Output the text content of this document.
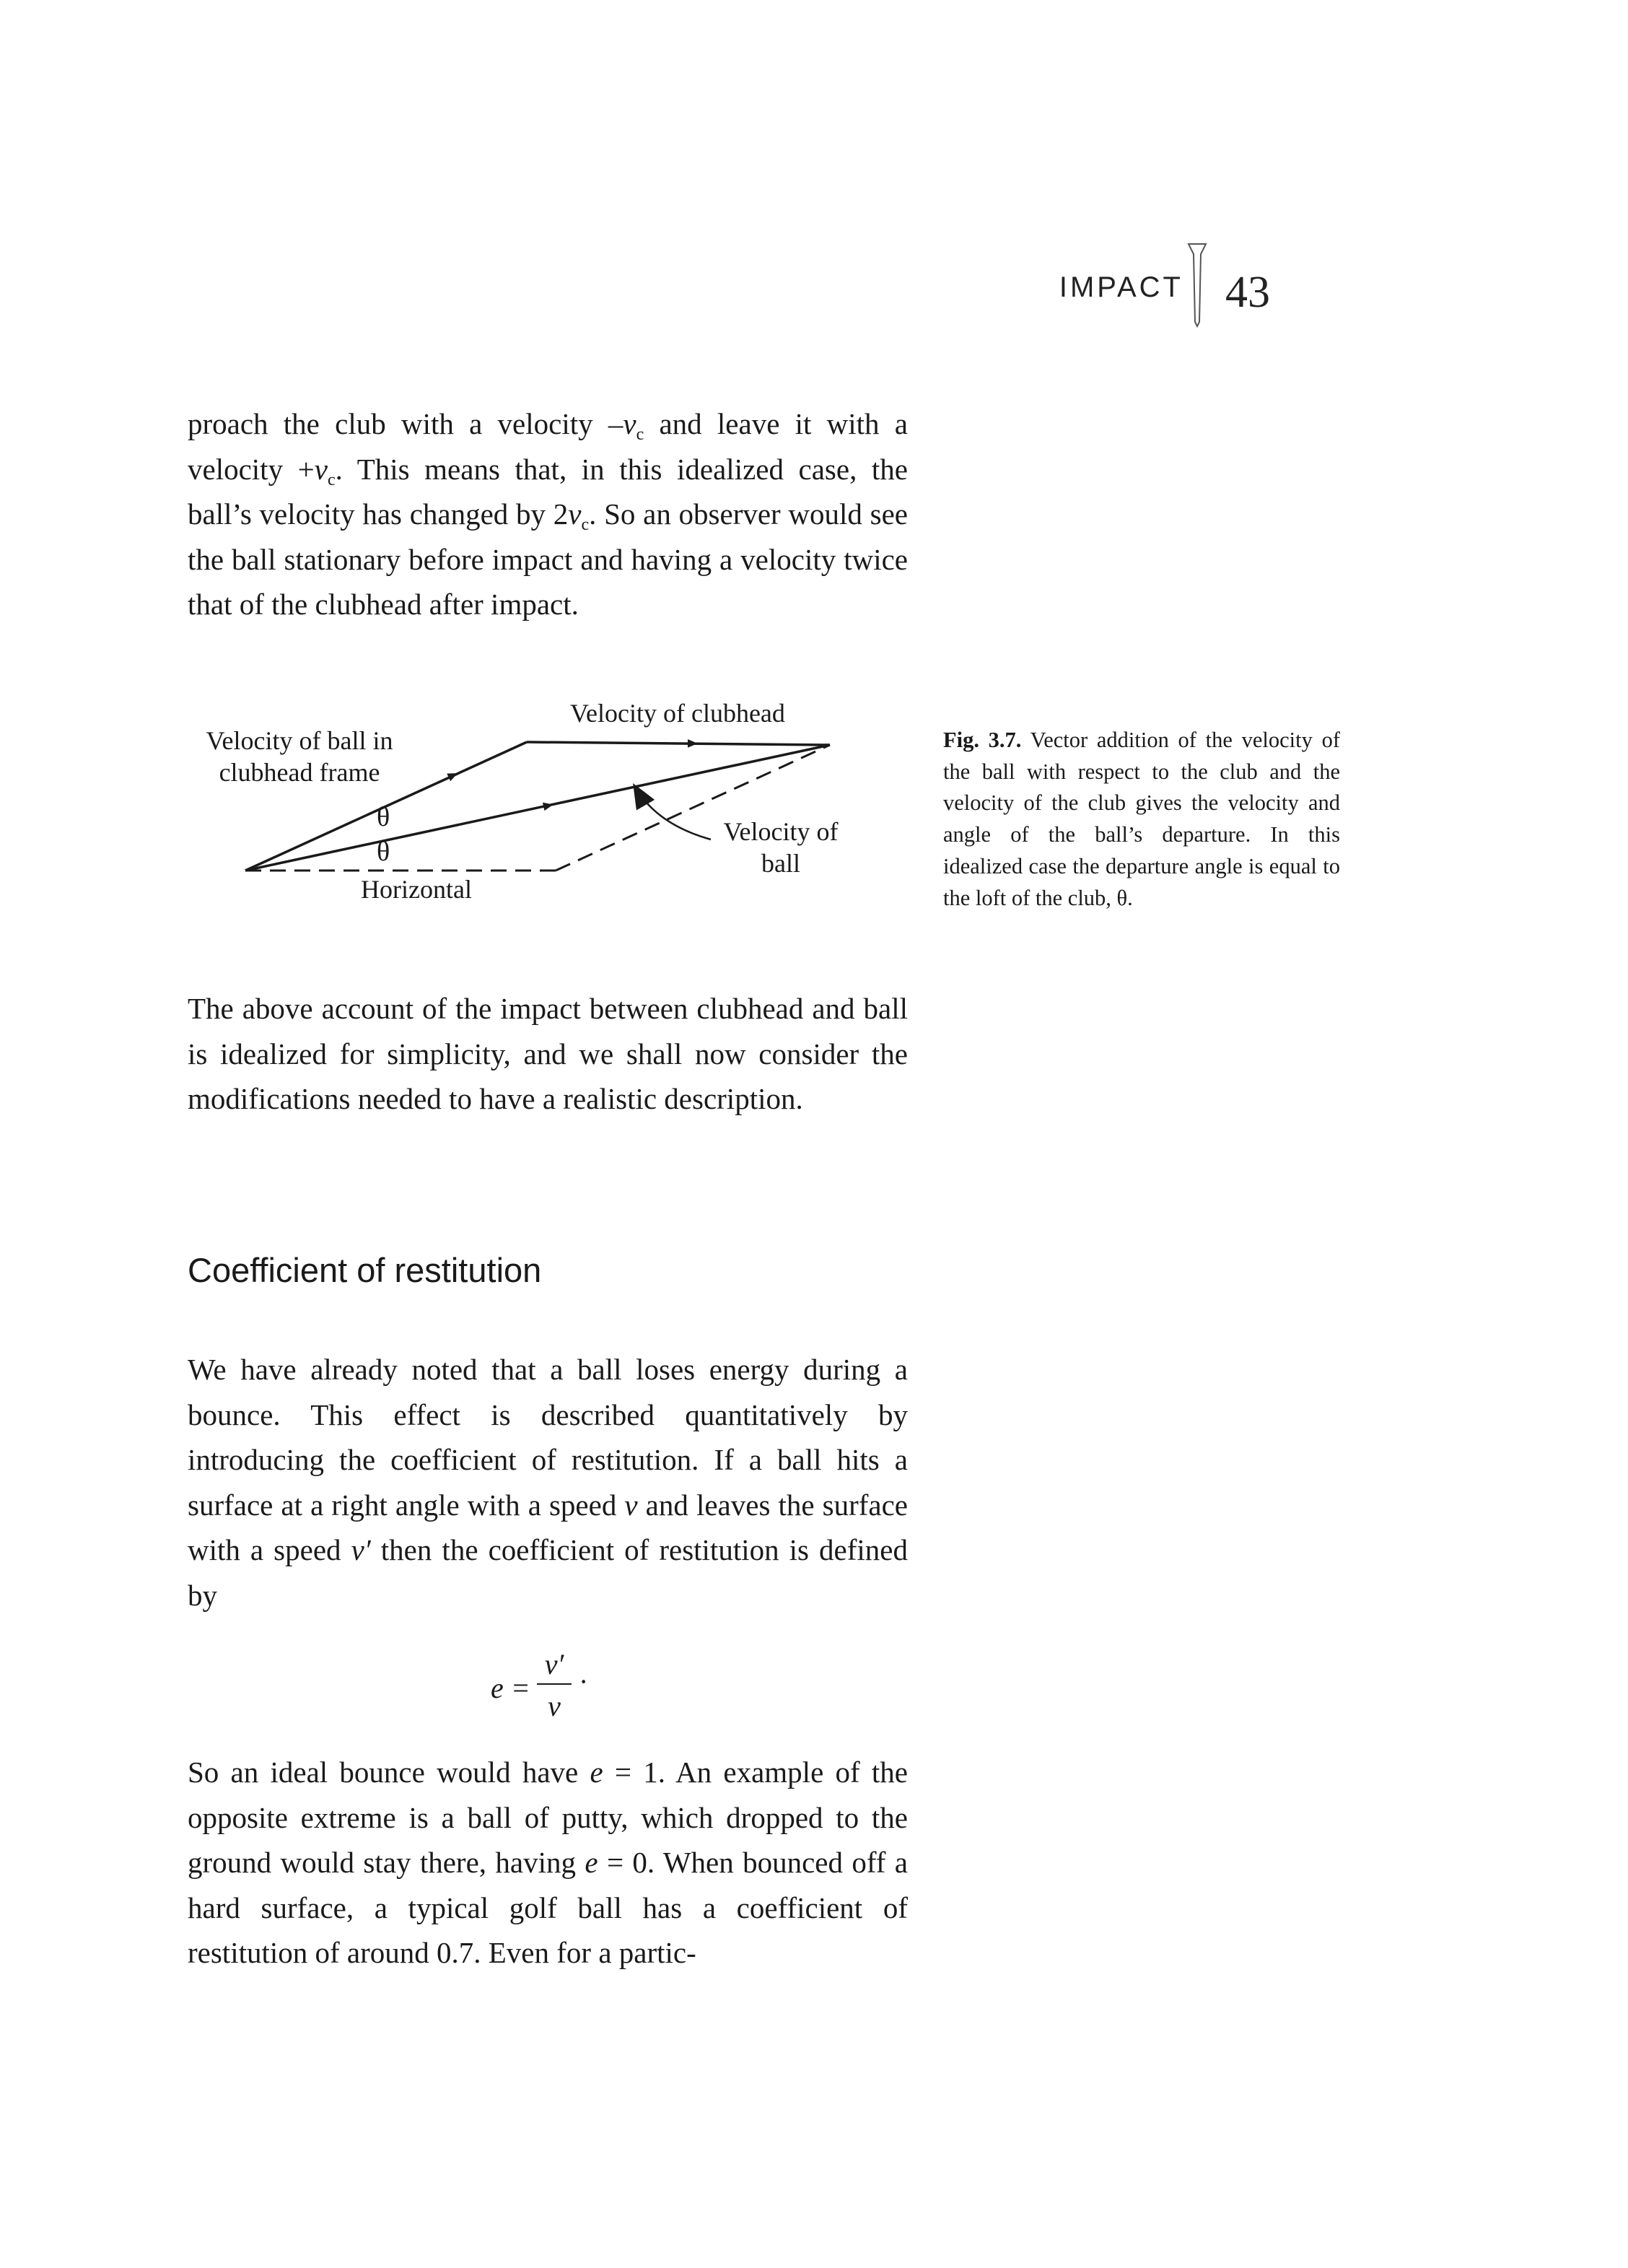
IMPACT 43

proach the club with a velocity $-v_c$ and leave it with a velocity $+v_c$. This means that, in this idealized case, the ball’s velocity has changed by $2v_c$. So an observer would see the ball stationary before impact and having a velocity twice that of the clubhead after impact.

Velocity of clubhead
Velocity of ball in clubhead frame
θ
θ
Horizontal
Velocity of ball

Fig. 3.7. Vector addition of the velocity of the ball with respect to the club and the velocity of the club gives the velocity and angle of the ball’s departure. In this idealized case the departure angle is equal to the loft of the club, θ.

The above account of the impact between clubhead and ball is idealized for simplicity, and we shall now consider the modifications needed to have a realistic description.

Coefficient of restitution

We have already noted that a ball loses energy during a bounce. This effect is described quantitatively by introducing the coefficient of restitution. If a ball hits a surface at a right angle with a speed v and leaves the surface with a speed v′ then the coefficient of restitution is defined by

e =
v′
v
·

So an ideal bounce would have e = 1. An example of the opposite extreme is a ball of putty, which dropped to the ground would stay there, having e = 0. When bounced off a hard surface, a typical golf ball has a coefficient of restitution of around 0.7. Even for a partic-
